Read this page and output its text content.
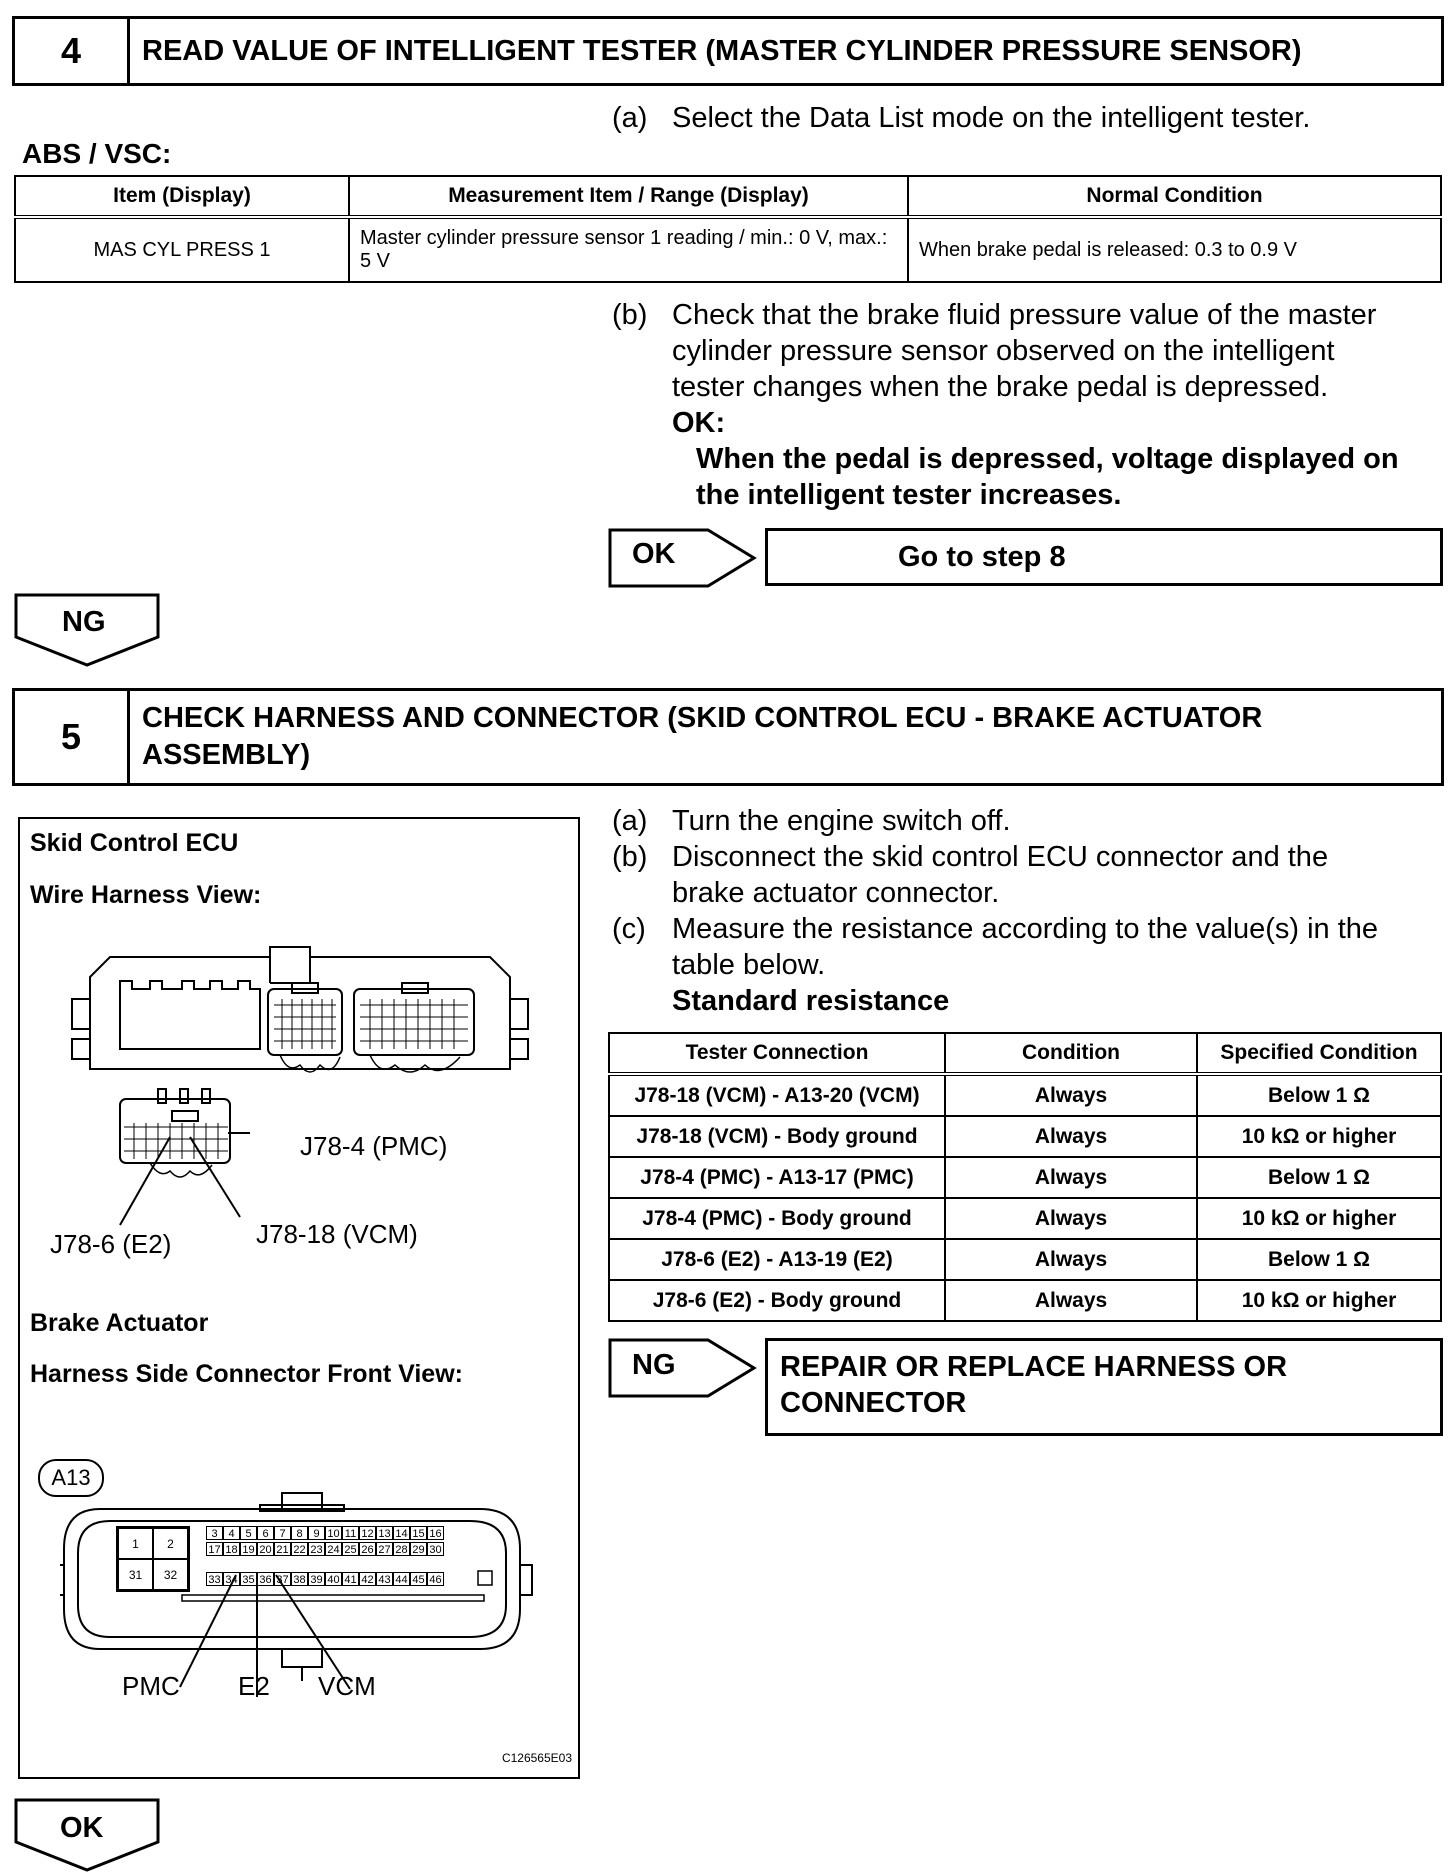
4	READ VALUE OF INTELLIGENT TESTER (MASTER CYLINDER PRESSURE SENSOR)
(a) Select the Data List mode on the intelligent tester.
ABS / VSC:
Item (Display)	Measurement Item / Range (Display)	Normal Condition
MAS CYL PRESS 1	Master cylinder pressure sensor 1 reading / min.: 0 V, max.: 5 V	When brake pedal is released: 0.3 to 0.9 V
(b) Check that the brake fluid pressure value of the master
cylinder pressure sensor observed on the intelligent
tester changes when the brake pedal is depressed.
OK:
When the pedal is depressed, voltage displayed on
the intelligent tester increases.
OK	Go to step 8
NG
5	CHECK HARNESS AND CONNECTOR (SKID CONTROL ECU - BRAKE ACTUATOR
ASSEMBLY)
Skid Control ECU
Wire Harness View:
J78-4 (PMC)
J78-6 (E2)	J78-18 (VCM)
Brake Actuator
Harness Side Connector Front View:
A13
1	2
31	32
3 4 5 6 7 8 9 10 11 12 13 14 15 16
17 18 19 20 21 22 23 24 25 26 27 28 29 30
33 34 35 36 37 38 39 40 41 42 43 44 45 46
PMC E2 VCM
C126565E03
(a) Turn the engine switch off.
(b) Disconnect the skid control ECU connector and the
brake actuator connector.
(c) Measure the resistance according to the value(s) in the
table below.
Standard resistance
Tester Connection	Condition	Specified Condition
J78-18 (VCM) - A13-20 (VCM)	Always	Below 1 Ω
J78-18 (VCM) - Body ground	Always	10 kΩ or higher
J78-4 (PMC) - A13-17 (PMC)	Always	Below 1 Ω
J78-4 (PMC) - Body ground	Always	10 kΩ or higher
J78-6 (E2) - A13-19 (E2)	Always	Below 1 Ω
J78-6 (E2) - Body ground	Always	10 kΩ or higher
NG	REPAIR OR REPLACE HARNESS OR
CONNECTOR
OK
